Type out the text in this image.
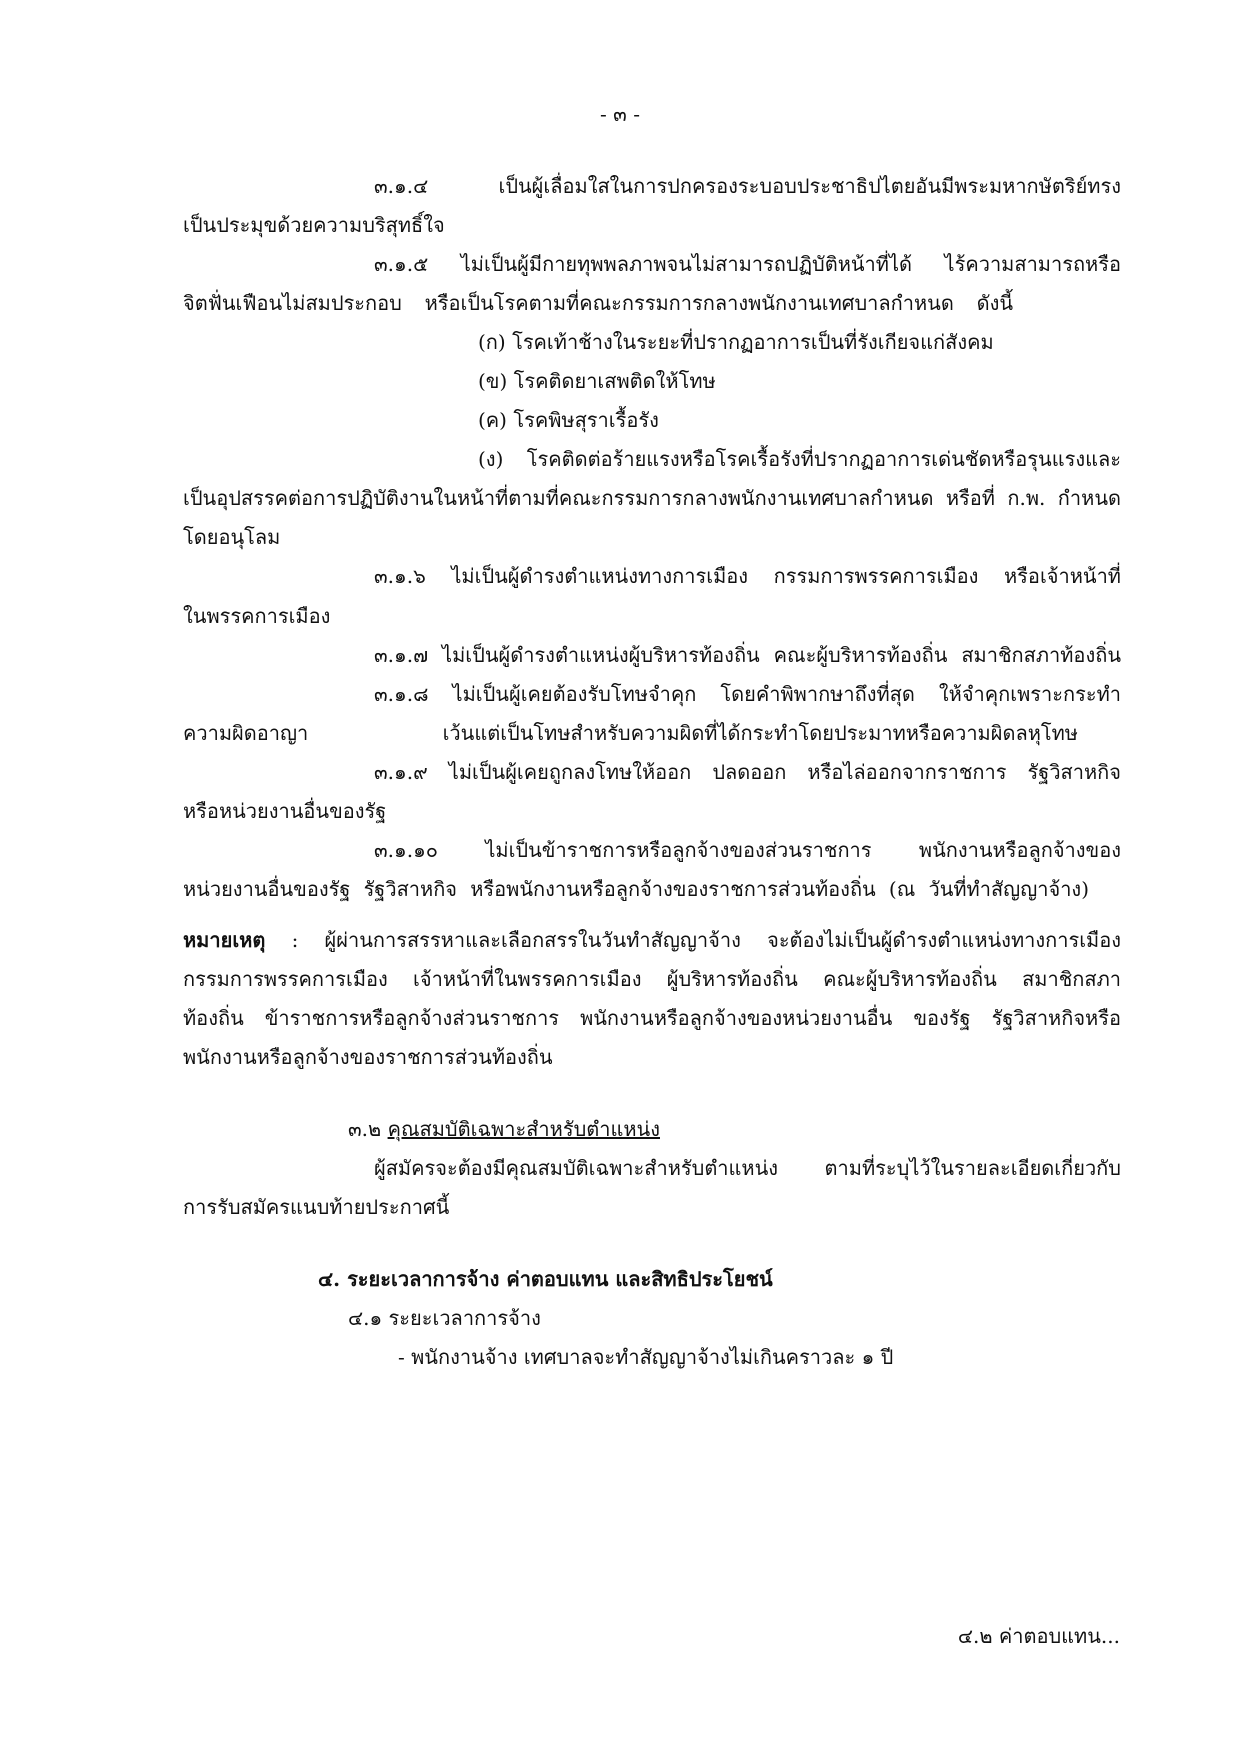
- ๓ -
๓.๑.๔ เป็นผู้เลื่อมใสในการปกครองระบอบประชาธิปไตยอันมีพระมหากษัตริย์ทรง
เป็นประมุขด้วยความบริสุทธิ์ใจ
๓.๑.๕ ไม่เป็นผู้มีกายทุพพลภาพจนไม่สามารถปฏิบัติหน้าที่ได้ ไร้ความสามารถหรือ
จิตฟั่นเฟือนไม่สมประกอบ หรือเป็นโรคตามที่คณะกรรมการกลางพนักงานเทศบาลกำหนด ดังนี้
(ก) โรคเท้าช้างในระยะที่ปรากฏอาการเป็นที่รังเกียจแก่สังคม
(ข) โรคติดยาเสพติดให้โทษ
(ค) โรคพิษสุราเรื้อรัง
(ง) โรคติดต่อร้ายแรงหรือโรคเรื้อรังที่ปรากฏอาการเด่นชัดหรือรุนแรงและ
เป็นอุปสรรคต่อการปฏิบัติงานในหน้าที่ตามที่คณะกรรมการกลางพนักงานเทศบาลกำหนด หรือที่ ก.พ. กำหนด
โดยอนุโลม
๓.๑.๖ ไม่เป็นผู้ดำรงตำแหน่งทางการเมือง กรรมการพรรคการเมือง หรือเจ้าหน้าที่
ในพรรคการเมือง
๓.๑.๗ ไม่เป็นผู้ดำรงตำแหน่งผู้บริหารท้องถิ่น คณะผู้บริหารท้องถิ่น สมาชิกสภาท้องถิ่น
๓.๑.๘ ไม่เป็นผู้เคยต้องรับโทษจำคุก โดยคำพิพากษาถึงที่สุด ให้จำคุกเพราะกระทำ
ความผิดอาญา เว้นแต่เป็นโทษสำหรับความผิดที่ได้กระทำโดยประมาทหรือความผิดลหุโทษ
๓.๑.๙ ไม่เป็นผู้เคยถูกลงโทษให้ออก ปลดออก หรือไล่ออกจากราชการ รัฐวิสาหกิจ
หรือหน่วยงานอื่นของรัฐ
๓.๑.๑๐ ไม่เป็นข้าราชการหรือลูกจ้างของส่วนราชการ พนักงานหรือลูกจ้างของ
หน่วยงานอื่นของรัฐ รัฐวิสาหกิจ หรือพนักงานหรือลูกจ้างของราชการส่วนท้องถิ่น (ณ วันที่ทำสัญญาจ้าง)
หมายเหตุ : ผู้ผ่านการสรรหาและเลือกสรรในวันทำสัญญาจ้าง จะต้องไม่เป็นผู้ดำรงตำแหน่งทางการเมือง
กรรมการพรรคการเมือง เจ้าหน้าที่ในพรรคการเมือง ผู้บริหารท้องถิ่น คณะผู้บริหารท้องถิ่น สมาชิกสภา
ท้องถิ่น ข้าราชการหรือลูกจ้างส่วนราชการ พนักงานหรือลูกจ้างของหน่วยงานอื่น ของรัฐ รัฐวิสาหกิจหรือ
พนักงานหรือลูกจ้างของราชการส่วนท้องถิ่น
๓.๒ คุณสมบัติเฉพาะสำหรับตำแหน่ง
ผู้สมัครจะต้องมีคุณสมบัติเฉพาะสำหรับตำแหน่ง ตามที่ระบุไว้ในรายละเอียดเกี่ยวกับ
การรับสมัครแนบท้ายประกาศนี้
๔. ระยะเวลาการจ้าง ค่าตอบแทน และสิทธิประโยชน์
๔.๑ ระยะเวลาการจ้าง
- พนักงานจ้าง เทศบาลจะทำสัญญาจ้างไม่เกินคราวละ ๑ ปี
๔.๒ ค่าตอบแทน...
